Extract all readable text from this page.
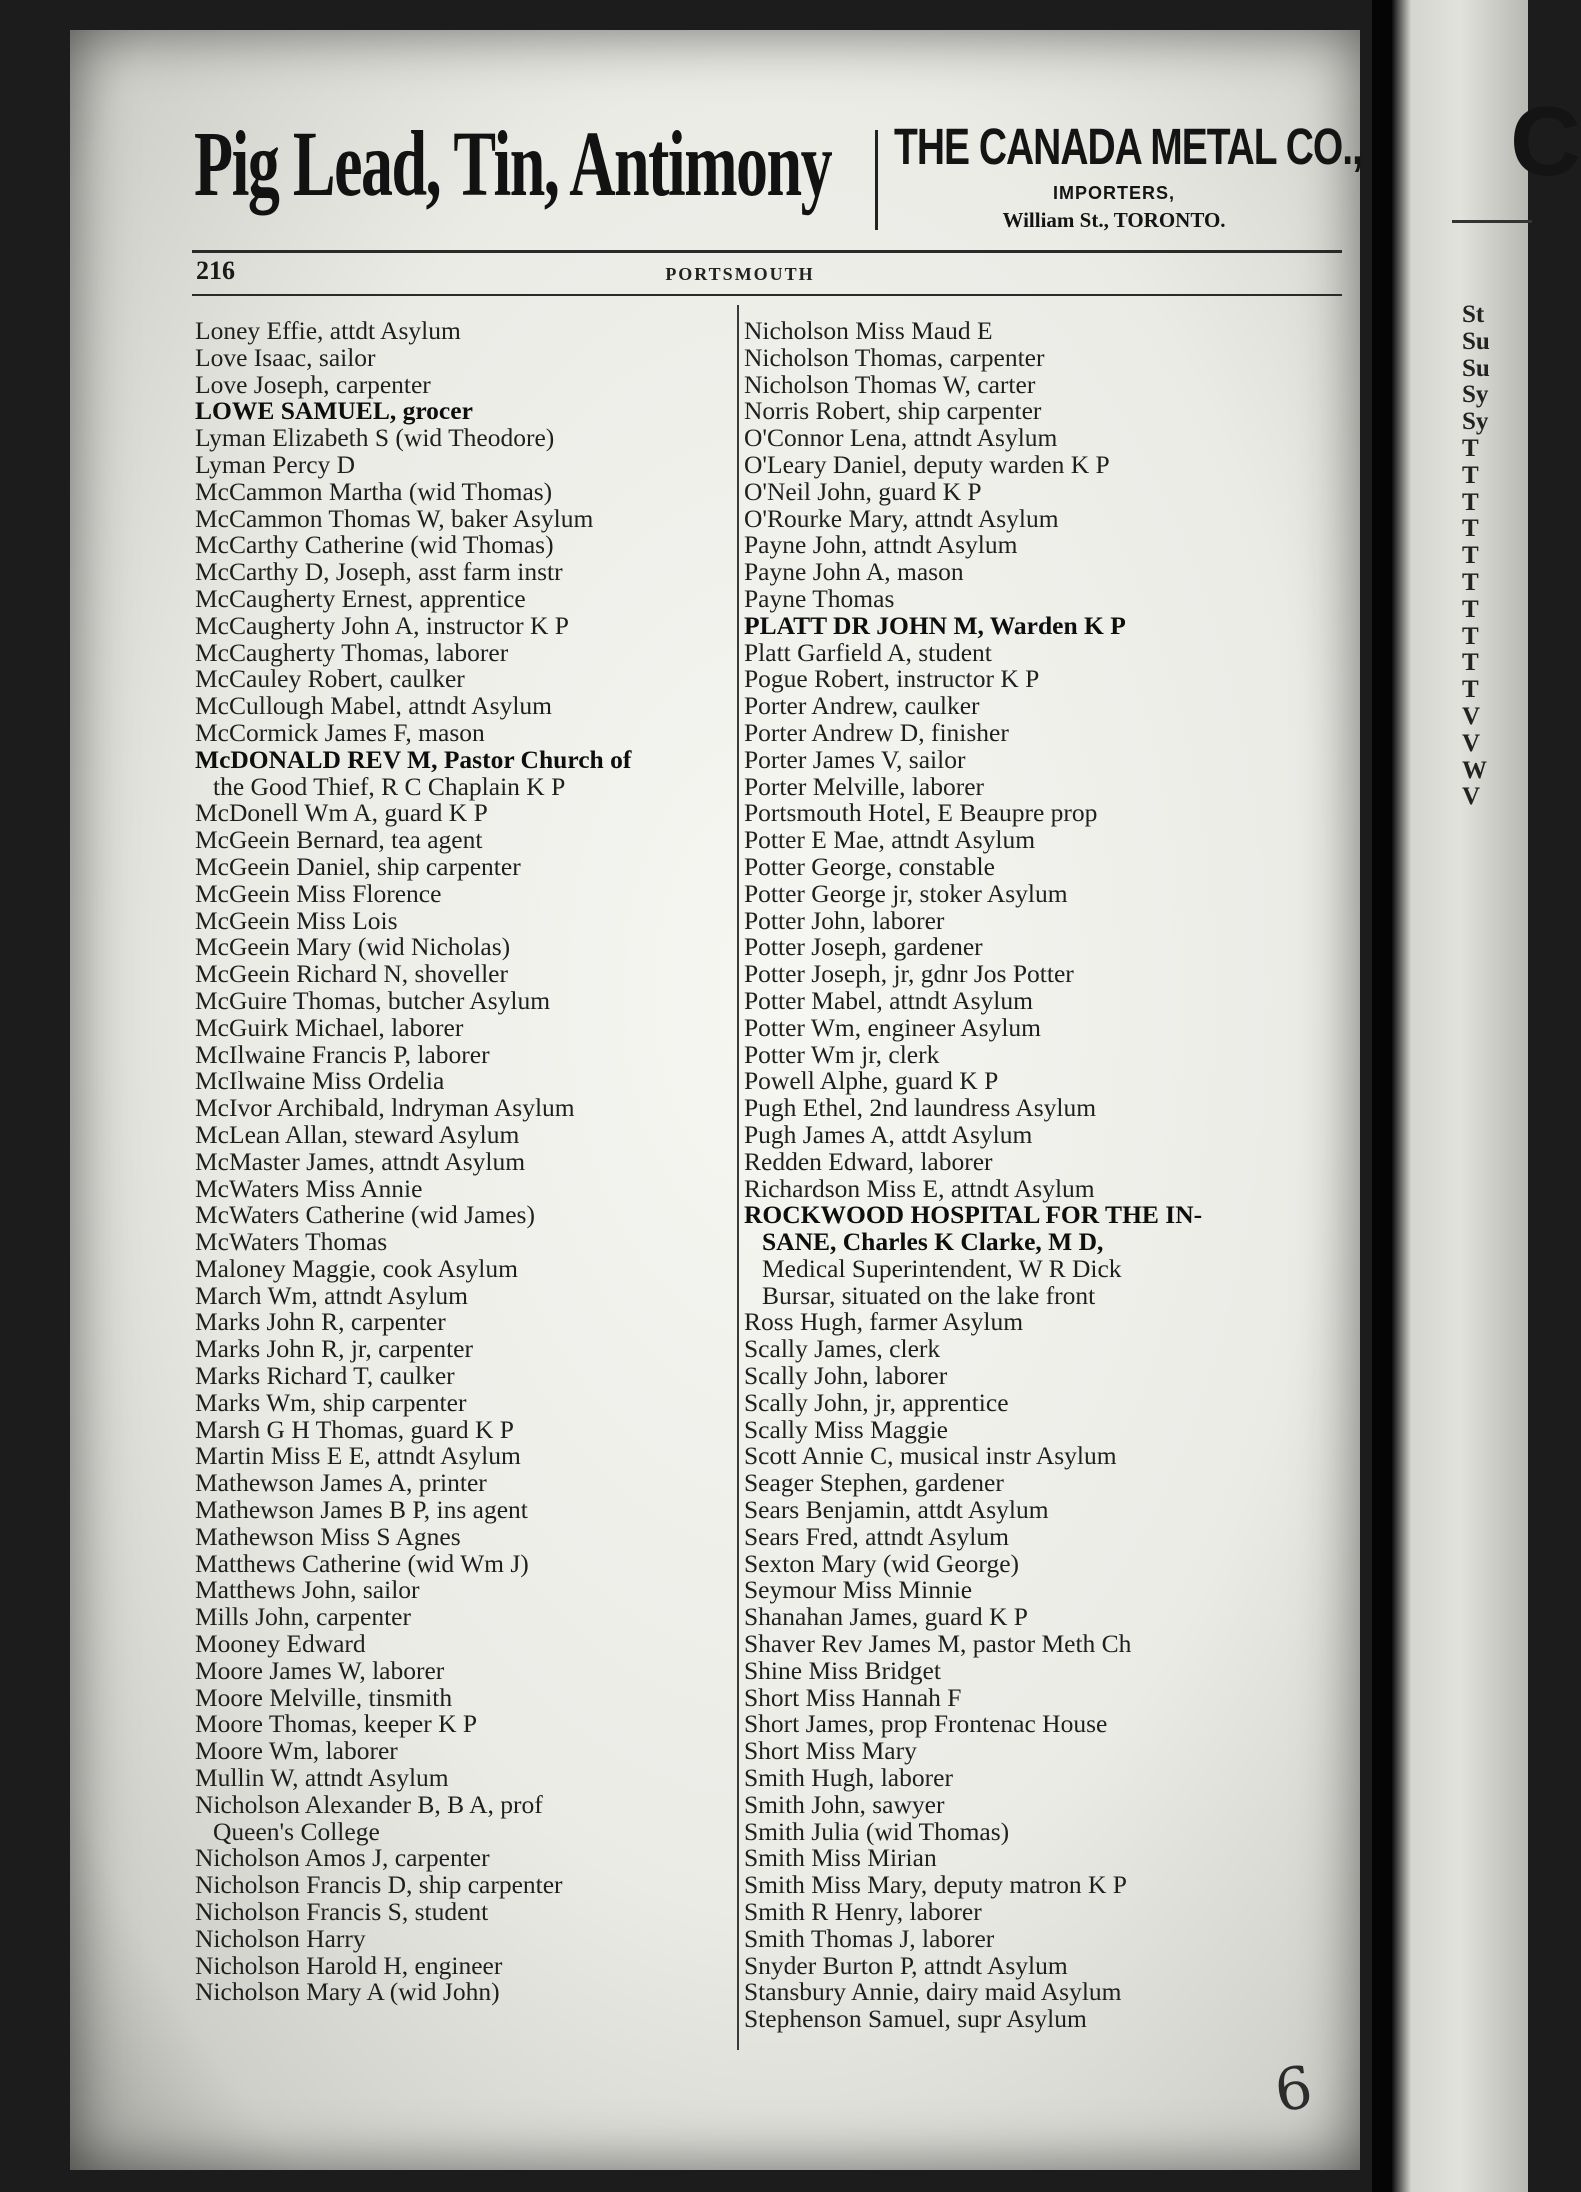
Pig Lead, Tin, Antimony THE CANADA METAL CO.,
IMPORTERS,
William St., TORONTO.
216	PORTSMOUTH
Loney Effie, attdt Asylum
Love Isaac, sailor
Love Joseph, carpenter
LOWE SAMUEL, grocer
Lyman Elizabeth S (wid Theodore)
Lyman Percy D
McCammon Martha (wid Thomas)
McCammon Thomas W, baker Asylum
McCarthy Catherine (wid Thomas)
McCarthy D, Joseph, asst farm instr
McCaugherty Ernest, apprentice
McCaugherty John A, instructor K P
McCaugherty Thomas, laborer
McCauley Robert, caulker
McCullough Mabel, attndt Asylum
McCormick James F, mason
McDONALD REV M, Pastor Church of
the Good Thief, R C Chaplain K P
McDonell Wm A, guard K P
McGeein Bernard, tea agent
McGeein Daniel, ship carpenter
McGeein Miss Florence
McGeein Miss Lois
McGeein Mary (wid Nicholas)
McGeein Richard N, shoveller
McGuire Thomas, butcher Asylum
McGuirk Michael, laborer
McIlwaine Francis P, laborer
McIlwaine Miss Ordelia
McIvor Archibald, lndryman Asylum
McLean Allan, steward Asylum
McMaster James, attndt Asylum
McWaters Miss Annie
McWaters Catherine (wid James)
McWaters Thomas
Maloney Maggie, cook Asylum
March Wm, attndt Asylum
Marks John R, carpenter
Marks John R, jr, carpenter
Marks Richard T, caulker
Marks Wm, ship carpenter
Marsh G H Thomas, guard K P
Martin Miss E E, attndt Asylum
Mathewson James A, printer
Mathewson James B P, ins agent
Mathewson Miss S Agnes
Matthews Catherine (wid Wm J)
Matthews John, sailor
Mills John, carpenter
Mooney Edward
Moore James W, laborer
Moore Melville, tinsmith
Moore Thomas, keeper K P
Moore Wm, laborer
Mullin W, attndt Asylum
Nicholson Alexander B, B A, prof
Queen's College
Nicholson Amos J, carpenter
Nicholson Francis D, ship carpenter
Nicholson Francis S, student
Nicholson Harry
Nicholson Harold H, engineer
Nicholson Mary A (wid John)
Nicholson Miss Maud E
Nicholson Thomas, carpenter
Nicholson Thomas W, carter
Norris Robert, ship carpenter
O'Connor Lena, attndt Asylum
O'Leary Daniel, deputy warden K P
O'Neil John, guard K P
O'Rourke Mary, attndt Asylum
Payne John, attndt Asylum
Payne John A, mason
Payne Thomas
PLATT DR JOHN M, Warden K P
Platt Garfield A, student
Pogue Robert, instructor K P
Porter Andrew, caulker
Porter Andrew D, finisher
Porter James V, sailor
Porter Melville, laborer
Portsmouth Hotel, E Beaupre prop
Potter E Mae, attndt Asylum
Potter George, constable
Potter George jr, stoker Asylum
Potter John, laborer
Potter Joseph, gardener
Potter Joseph, jr, gdnr Jos Potter
Potter Mabel, attndt Asylum
Potter Wm, engineer Asylum
Potter Wm jr, clerk
Powell Alphe, guard K P
Pugh Ethel, 2nd laundress Asylum
Pugh James A, attdt Asylum
Redden Edward, laborer
Richardson Miss E, attndt Asylum
ROCKWOOD HOSPITAL FOR THE IN-
SANE, Charles K Clarke, M D,
Medical Superintendent, W R Dick
Bursar, situated on the lake front
Ross Hugh, farmer Asylum
Scally James, clerk
Scally John, laborer
Scally John, jr, apprentice
Scally Miss Maggie
Scott Annie C, musical instr Asylum
Seager Stephen, gardener
Sears Benjamin, attdt Asylum
Sears Fred, attndt Asylum
Sexton Mary (wid George)
Seymour Miss Minnie
Shanahan James, guard K P
Shaver Rev James M, pastor Meth Ch
Shine Miss Bridget
Short Miss Hannah F
Short James, prop Frontenac House
Short Miss Mary
Smith Hugh, laborer
Smith John, sawyer
Smith Julia (wid Thomas)
Smith Miss Mirian
Smith Miss Mary, deputy matron K P
Smith R Henry, laborer
Smith Thomas J, laborer
Snyder Burton P, attndt Asylum
Stansbury Annie, dairy maid Asylum
Stephenson Samuel, supr Asylum
6
C
St
Su
Su
Sy
Sy
T
T
T
T
T
T
T
T
T
T
V
V
W
V
